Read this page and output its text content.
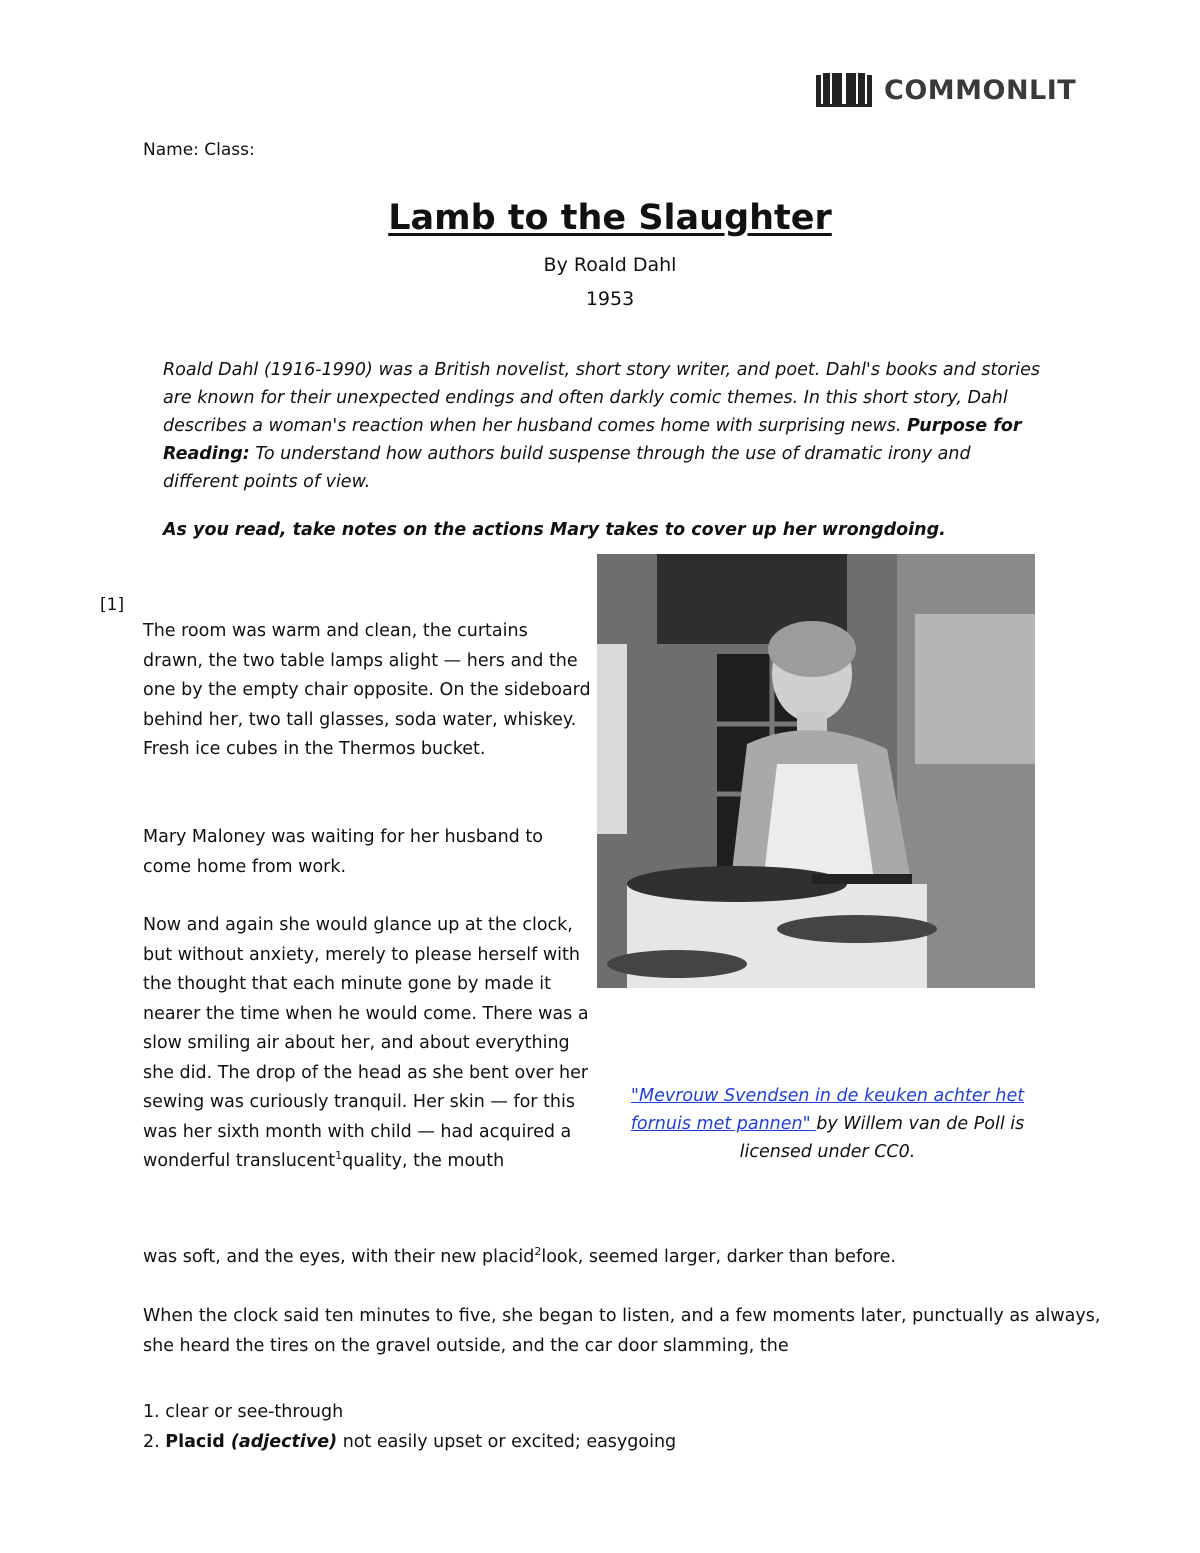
COMMONLIT
Name: Class:
Lamb to the Slaughter
By Roald Dahl
1953
Roald Dahl (1916-1990) was a British novelist, short story writer, and poet. Dahl's books and stories are known for their unexpected endings and often darkly comic themes. In this short story, Dahl describes a woman's reaction when her husband comes home with surprising news. Purpose for Reading: To understand how authors build suspense through the use of dramatic irony and different points of view.
As you read, take notes on the actions Mary takes to cover up her wrongdoing.
[1]
The room was warm and clean, the curtains drawn, the two table lamps alight — hers and the one by the empty chair opposite. On the sideboard behind her, two tall glasses, soda water, whiskey. Fresh ice cubes in the Thermos bucket.
Mary Maloney was waiting for her husband to come home from work.
Now and again she would glance up at the clock, but without anxiety, merely to please herself with the thought that each minute gone by made it nearer the time when he would come. There was a slow smiling air about her, and about everything she did. The drop of the head as she bent over her sewing was curiously tranquil. Her skin — for this was her sixth month with child — had acquired a wonderful translucent$^1$quality, the mouth
"Mevrouw Svendsen in de keuken achter het fornuis met pannen" by Willem van de Poll is licensed under CC0.
was soft, and the eyes, with their new placid$^2$look, seemed larger, darker than before.
When the clock said ten minutes to five, she began to listen, and a few moments later, punctually as always, she heard the tires on the gravel outside, and the car door slamming, the
1. clear or see-through
2. Placid (adjective) not easily upset or excited; easygoing
